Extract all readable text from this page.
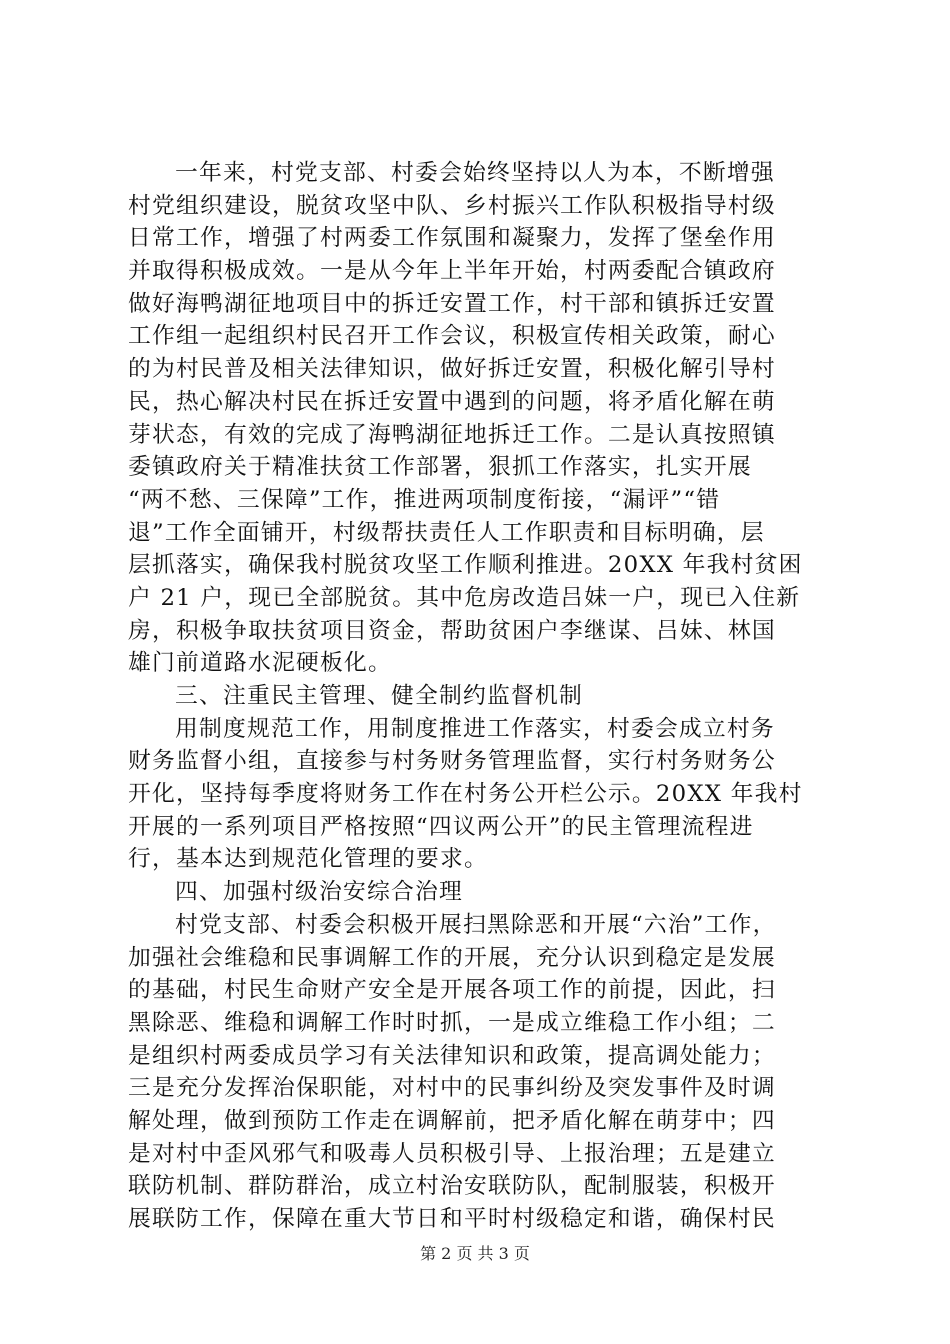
一年来，村党支部、村委会始终坚持以人为本，不断增强
村党组织建设，脱贫攻坚中队、乡村振兴工作队积极指导村级
日常工作，增强了村两委工作氛围和凝聚力，发挥了堡垒作用
并取得积极成效。一是从今年上半年开始，村两委配合镇政府
做好海鸭湖征地项目中的拆迁安置工作，村干部和镇拆迁安置
工作组一起组织村民召开工作会议，积极宣传相关政策，耐心
的为村民普及相关法律知识，做好拆迁安置，积极化解引导村
民，热心解决村民在拆迁安置中遇到的问题，将矛盾化解在萌
芽状态，有效的完成了海鸭湖征地拆迁工作。二是认真按照镇
委镇政府关于精准扶贫工作部署，狠抓工作落实，扎实开展
“两不愁、三保障”工作，推进两项制度衔接，“漏评”“错
退”工作全面铺开，村级帮扶责任人工作职责和目标明确，层
层抓落实，确保我村脱贫攻坚工作顺利推进。20XX 年我村贫困
户 21 户，现已全部脱贫。其中危房改造吕妹一户，现已入住新
房，积极争取扶贫项目资金，帮助贫困户李继谋、吕妹、林国
雄门前道路水泥硬板化。
三、注重民主管理、健全制约监督机制
用制度规范工作，用制度推进工作落实，村委会成立村务
财务监督小组，直接参与村务财务管理监督，实行村务财务公
开化，坚持每季度将财务工作在村务公开栏公示。20XX 年我村
开展的一系列项目严格按照“四议两公开”的民主管理流程进
行，基本达到规范化管理的要求。
四、加强村级治安综合治理
村党支部、村委会积极开展扫黑除恶和开展“六治”工作，
加强社会维稳和民事调解工作的开展，充分认识到稳定是发展
的基础，村民生命财产安全是开展各项工作的前提，因此，扫
黑除恶、维稳和调解工作时时抓，一是成立维稳工作小组；二
是组织村两委成员学习有关法律知识和政策，提高调处能力；
三是充分发挥治保职能，对村中的民事纠纷及突发事件及时调
解处理，做到预防工作走在调解前，把矛盾化解在萌芽中；四
是对村中歪风邪气和吸毒人员积极引导、上报治理；五是建立
联防机制、群防群治，成立村治安联防队，配制服装，积极开
展联防工作，保障在重大节日和平时村级稳定和谐，确保村民
第 2 页 共 3 页
